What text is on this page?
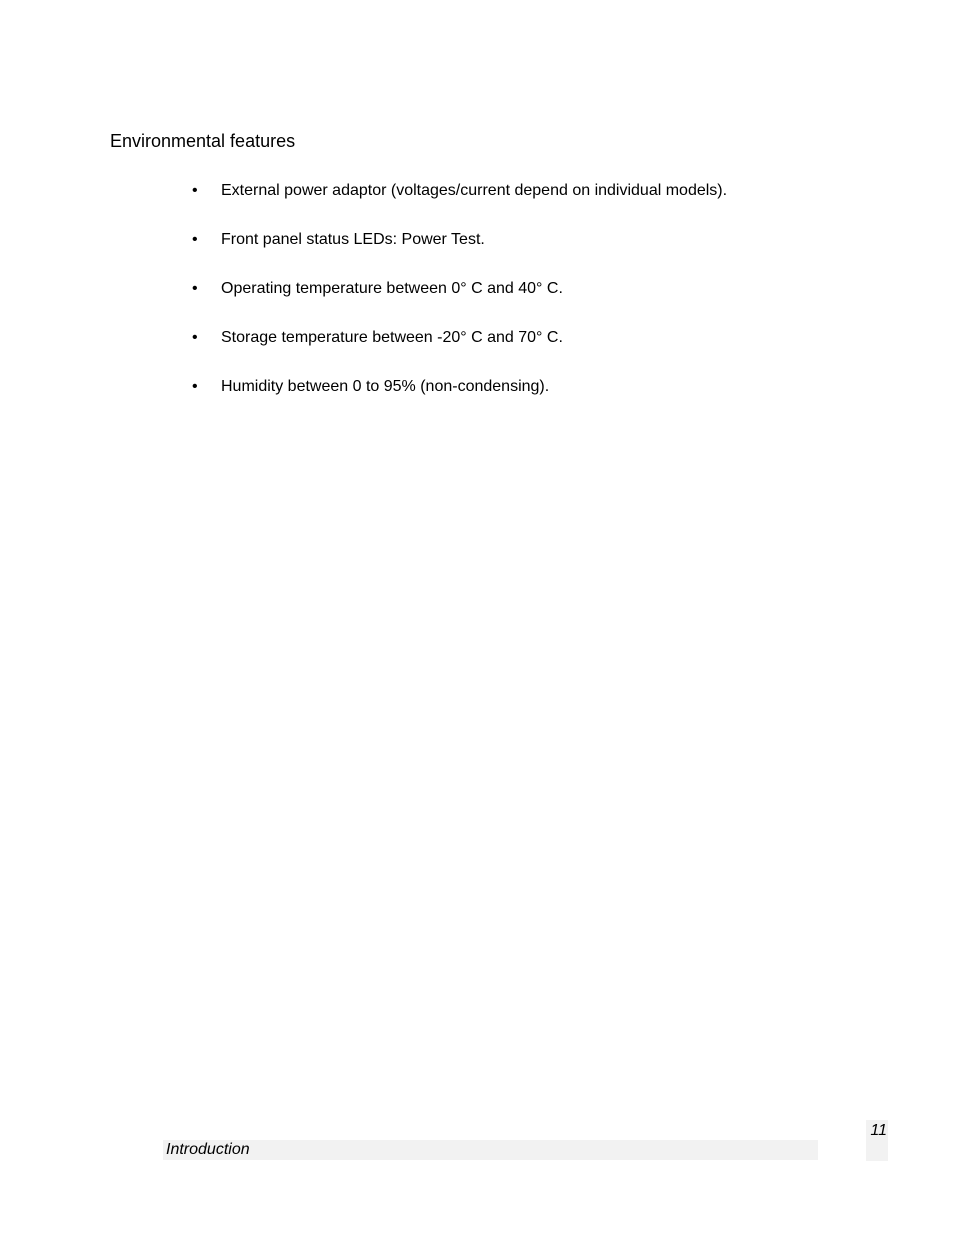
Environmental features
•	External power adaptor (voltages/current depend on individual models).
•	Front panel status LEDs: Power Test.
•	Operating temperature between 0° C and 40° C.
•	Storage temperature between -20° C and 70° C.
•	Humidity between 0 to 95% (non-condensing).
Introduction
11
